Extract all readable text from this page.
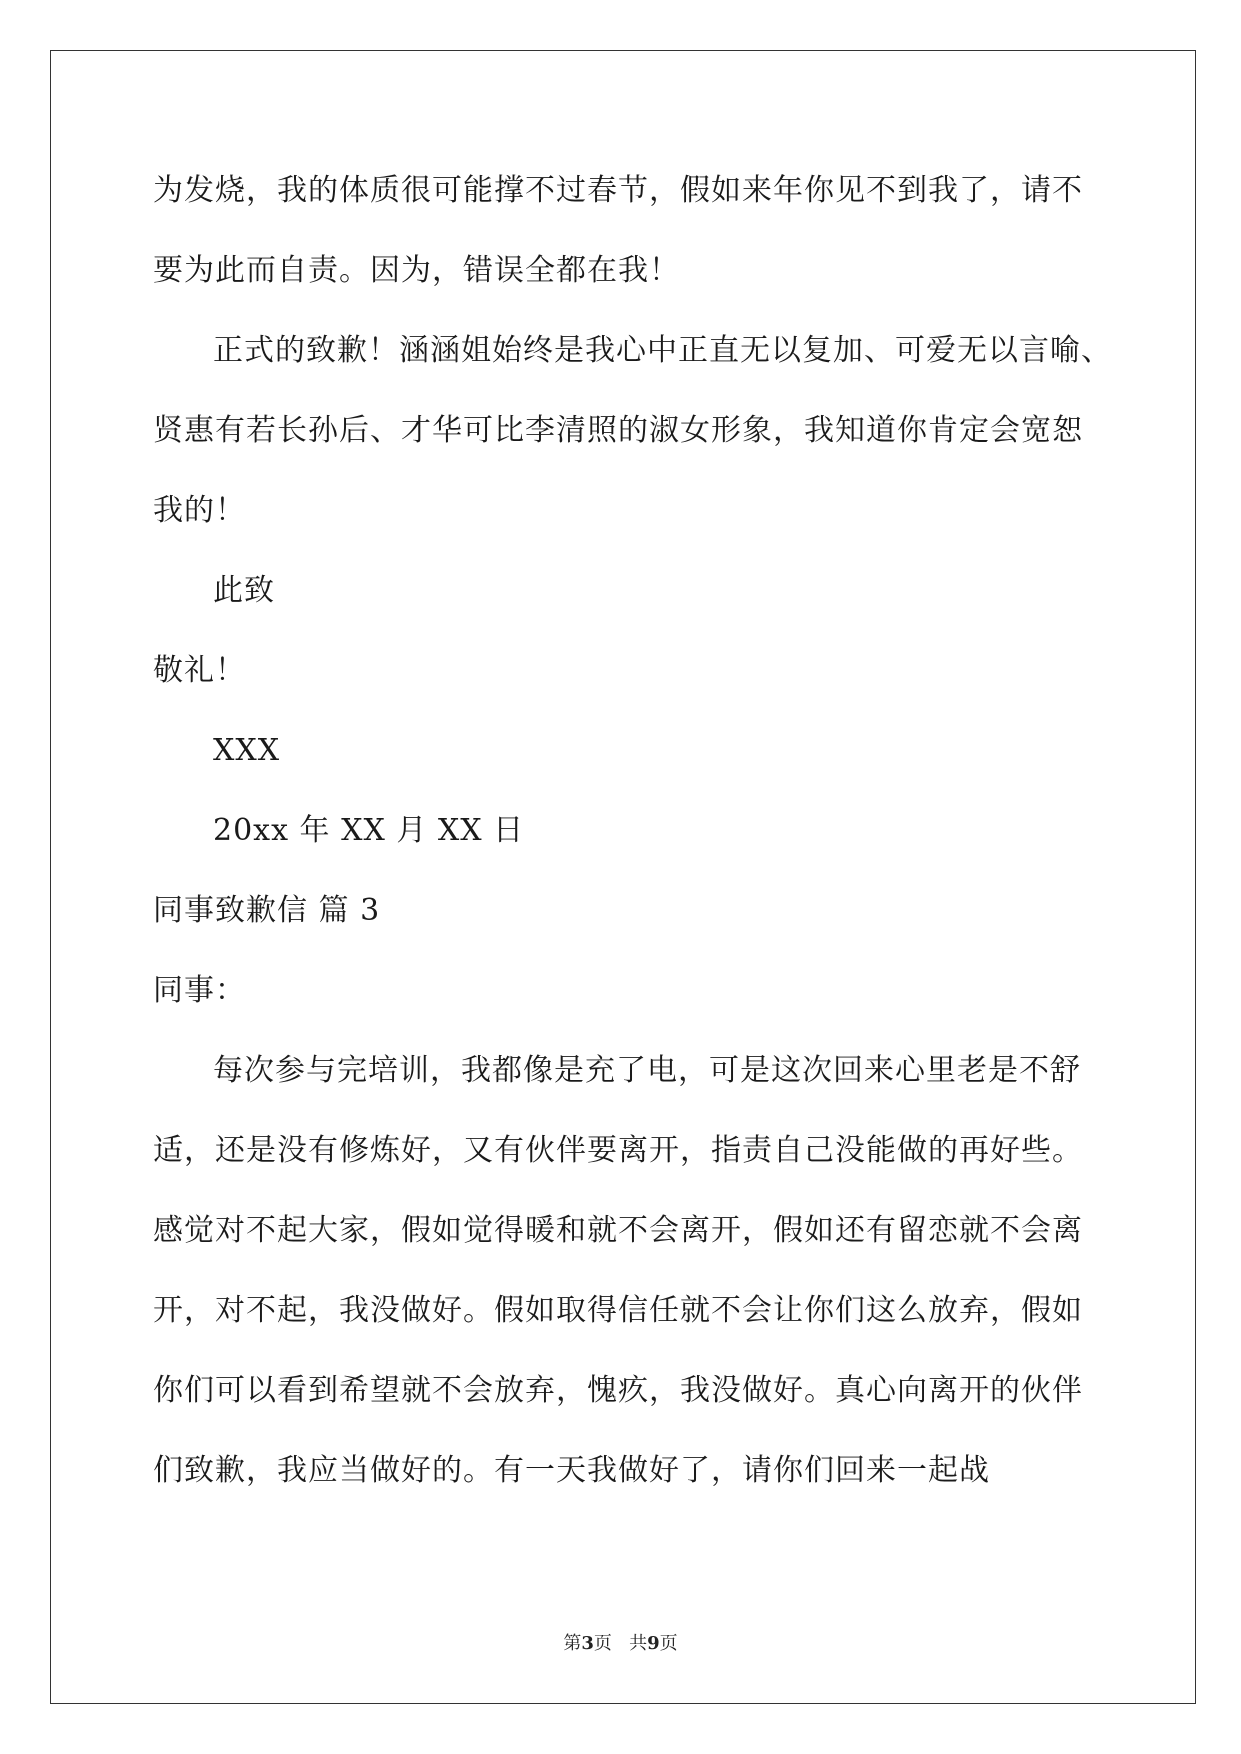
为发烧，我的体质很可能撑不过春节，假如来年你见不到我了，请不
要为此而自责。因为，错误全都在我！
正式的致歉！涵涵姐始终是我心中正直无以复加、可爱无以言喻、
贤惠有若长孙后、才华可比李清照的淑女形象，我知道你肯定会宽恕
我的！
此致
敬礼！
XXX
20xx 年 XX 月 XX 日
同事致歉信 篇 3
同事：
每次参与完培训，我都像是充了电，可是这次回来心里老是不舒
适，还是没有修炼好，又有伙伴要离开，指责自己没能做的再好些。
感觉对不起大家，假如觉得暖和就不会离开，假如还有留恋就不会离
开，对不起，我没做好。假如取得信任就不会让你们这么放弃，假如
你们可以看到希望就不会放弃，愧疚，我没做好。真心向离开的伙伴
们致歉，我应当做好的。有一天我做好了，请你们回来一起战
第3页 共9页
